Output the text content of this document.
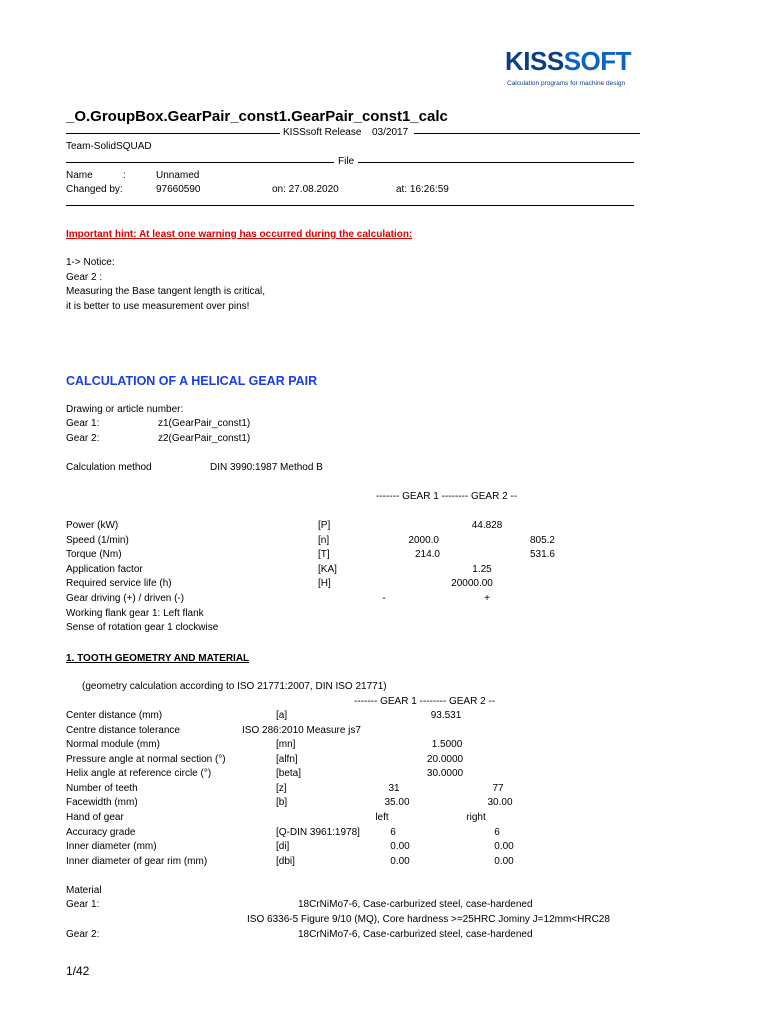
KISSSOFT
Calculation programs for machine design
_O.GroupBox.GearPair_const1.GearPair_const1_calc
KISSsoft Release 03/2017
Team-SolidSQUAD
File
Name	:	Unnamed
Changed by:	97660590	on: 27.08.2020	at: 16:26:59
Important hint: At least one warning has occurred during the calculation:
1-> Notice:
Gear 2 :
Measuring the Base tangent length is critical,
it is better to use measurement over pins!
CALCULATION OF A HELICAL GEAR PAIR
Drawing or article number:
Gear 1:	z1(GearPair_const1)
Gear 2:	z2(GearPair_const1)
Calculation method	DIN 3990:1987 Method B
------- GEAR 1 -------- GEAR 2 --
Power (kW)	[P]	44.828
Speed (1/min)	[n]	2000.0	805.2
Torque (Nm)	[T]	214.0	531.6
Application factor	[KA]	1.25
Required service life (h)	[H]	20000.00
Gear driving (+) / driven (-)	-	+
Working flank gear 1: Left flank
Sense of rotation gear 1 clockwise
1. TOOTH GEOMETRY AND MATERIAL
(geometry calculation according to ISO 21771:2007, DIN ISO 21771)
------- GEAR 1 -------- GEAR 2 --
Center distance (mm)	[a]	93.531
Centre distance tolerance	ISO 286:2010 Measure js7
Normal module (mm)	[mn]	1.5000
Pressure angle at normal section (°)	[alfn]	20.0000
Helix angle at reference circle (°)	[beta]	30.0000
Number of teeth	[z]	31	77
Facewidth (mm)	[b]	35.00	30.00
Hand of gear	left	right
Accuracy grade	[Q-DIN 3961:1978]	6	6
Inner diameter (mm)	[di]	0.00	0.00
Inner diameter of gear rim (mm)	[dbi]	0.00	0.00
Material
Gear 1:	18CrNiMo7-6, Case-carburized steel, case-hardened
ISO 6336-5 Figure 9/10 (MQ), Core hardness >=25HRC Jominy J=12mm<HRC28
Gear 2:	18CrNiMo7-6, Case-carburized steel, case-hardened
1/42
